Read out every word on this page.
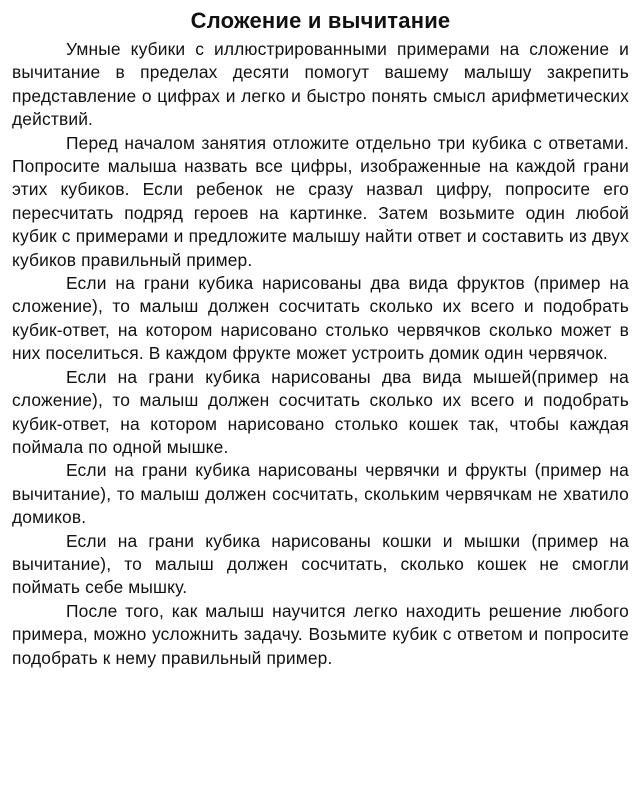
Сложение и вычитание

Умные кубики с иллюстрированными примерами на сложение и вычитание в пределах десяти помогут вашему малышу закрепить представление о цифрах и легко и быстро понять смысл арифметических действий.

Перед началом занятия отложите отдельно три кубика с ответами. Попросите малыша назвать все цифры, изображенные на каждой грани этих кубиков. Если ребенок не сразу назвал цифру, попросите его пересчитать подряд героев на картинке. Затем возьмите один любой кубик с примерами и предложите малышу найти ответ и составить из двух кубиков правильный пример.

Если на грани кубика нарисованы два вида фруктов (пример на сложение), то малыш должен сосчитать сколько их всего и подобрать кубик-ответ, на котором нарисовано столько червячков сколько может в них поселиться. В каждом фрукте может устроить домик один червячок.

Если на грани кубика нарисованы два вида мышей(пример на сложение), то малыш должен сосчитать сколько их всего и подобрать кубик-ответ, на котором нарисовано столько кошек так, чтобы каждая поймала по одной мышке.

Если на грани кубика нарисованы червячки и фрукты (пример на вычитание), то малыш должен сосчитать, скольким червячкам не хватило домиков.

Если на грани кубика нарисованы кошки и мышки (пример на вычитание), то малыш должен сосчитать, сколько кошек не смогли поймать себе мышку.

После того, как малыш научится легко находить решение любого примера, можно усложнить задачу. Возьмите кубик с ответом и попросите подобрать к нему правильный пример.
